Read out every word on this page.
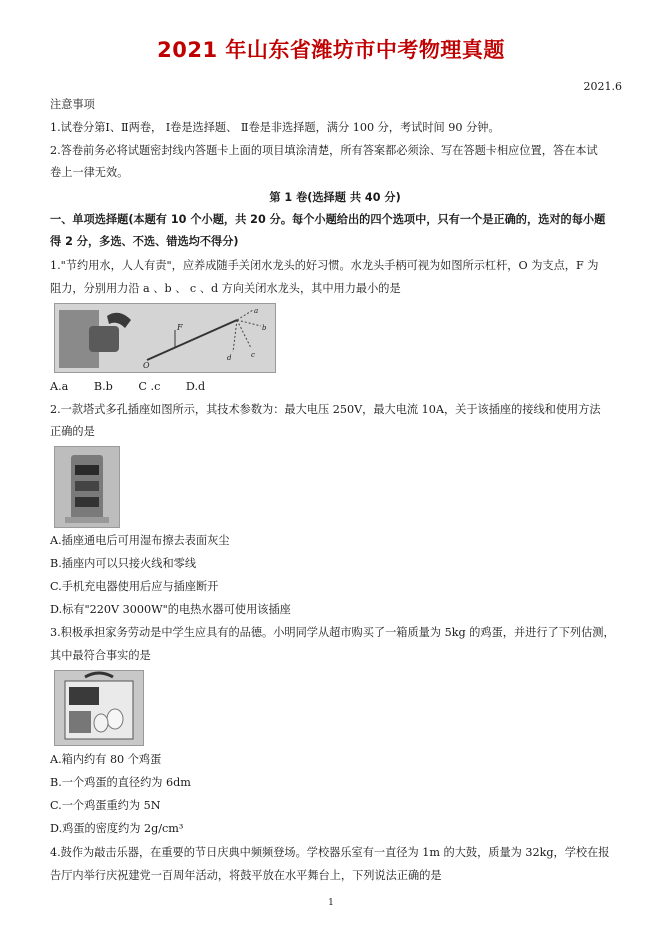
2021 年山东省潍坊市中考物理真题
2021.6
注意事项
1.试卷分第Ⅰ、Ⅱ两卷， Ⅰ卷是选择题、 Ⅱ卷是非选择题，满分 100 分，考试时间 90 分钟。
2.答卷前务必将试题密封线内答题卡上面的项目填涂清楚，所有答案都必须涂、写在答题卡相应位置，答在本试
卷上一律无效。
第 1 卷(选择题 共 40 分)
一、单项选择题(本题有 10 个小题，共 20 分。每个小题给出的四个选项中，只有一个是正确的，选对的每小题
得 2 分，多选、不选、错选均不得分)
1."节约用水，人人有责"，应养成随手关闭水龙头的好习惯。水龙头手柄可视为如图所示杠杆，O 为支点，F 为
阻力，分别用力沿 a 、b 、 c 、d 方向关闭水龙头，其中用力最小的是
F
O
a
b
c
d
A.a B.b C .c D.d
2.一款塔式多孔插座如图所示，其技术参数为：最大电压 250V，最大电流 10A，关于该插座的接线和使用方法
正确的是
A.插座通电后可用湿布擦去表面灰尘
B.插座内可以只接火线和零线
C.手机充电器使用后应与插座断开
D.标有"220V 3000W"的电热水器可使用该插座
3.积极承担家务劳动是中学生应具有的品德。小明同学从超市购买了一箱质量为 5kg 的鸡蛋，并进行了下列估测，
其中最符合事实的是
A.箱内约有 80 个鸡蛋
B.一个鸡蛋的直径约为 6dm
C.一个鸡蛋重约为 5N
D.鸡蛋的密度约为 2g/cm³
4.鼓作为敲击乐器，在重要的节日庆典中频频登场。学校器乐室有一直径为 1m 的大鼓，质量为 32kg，学校在报
告厅内举行庆祝建党一百周年活动，将鼓平放在水平舞台上，下列说法正确的是
1
